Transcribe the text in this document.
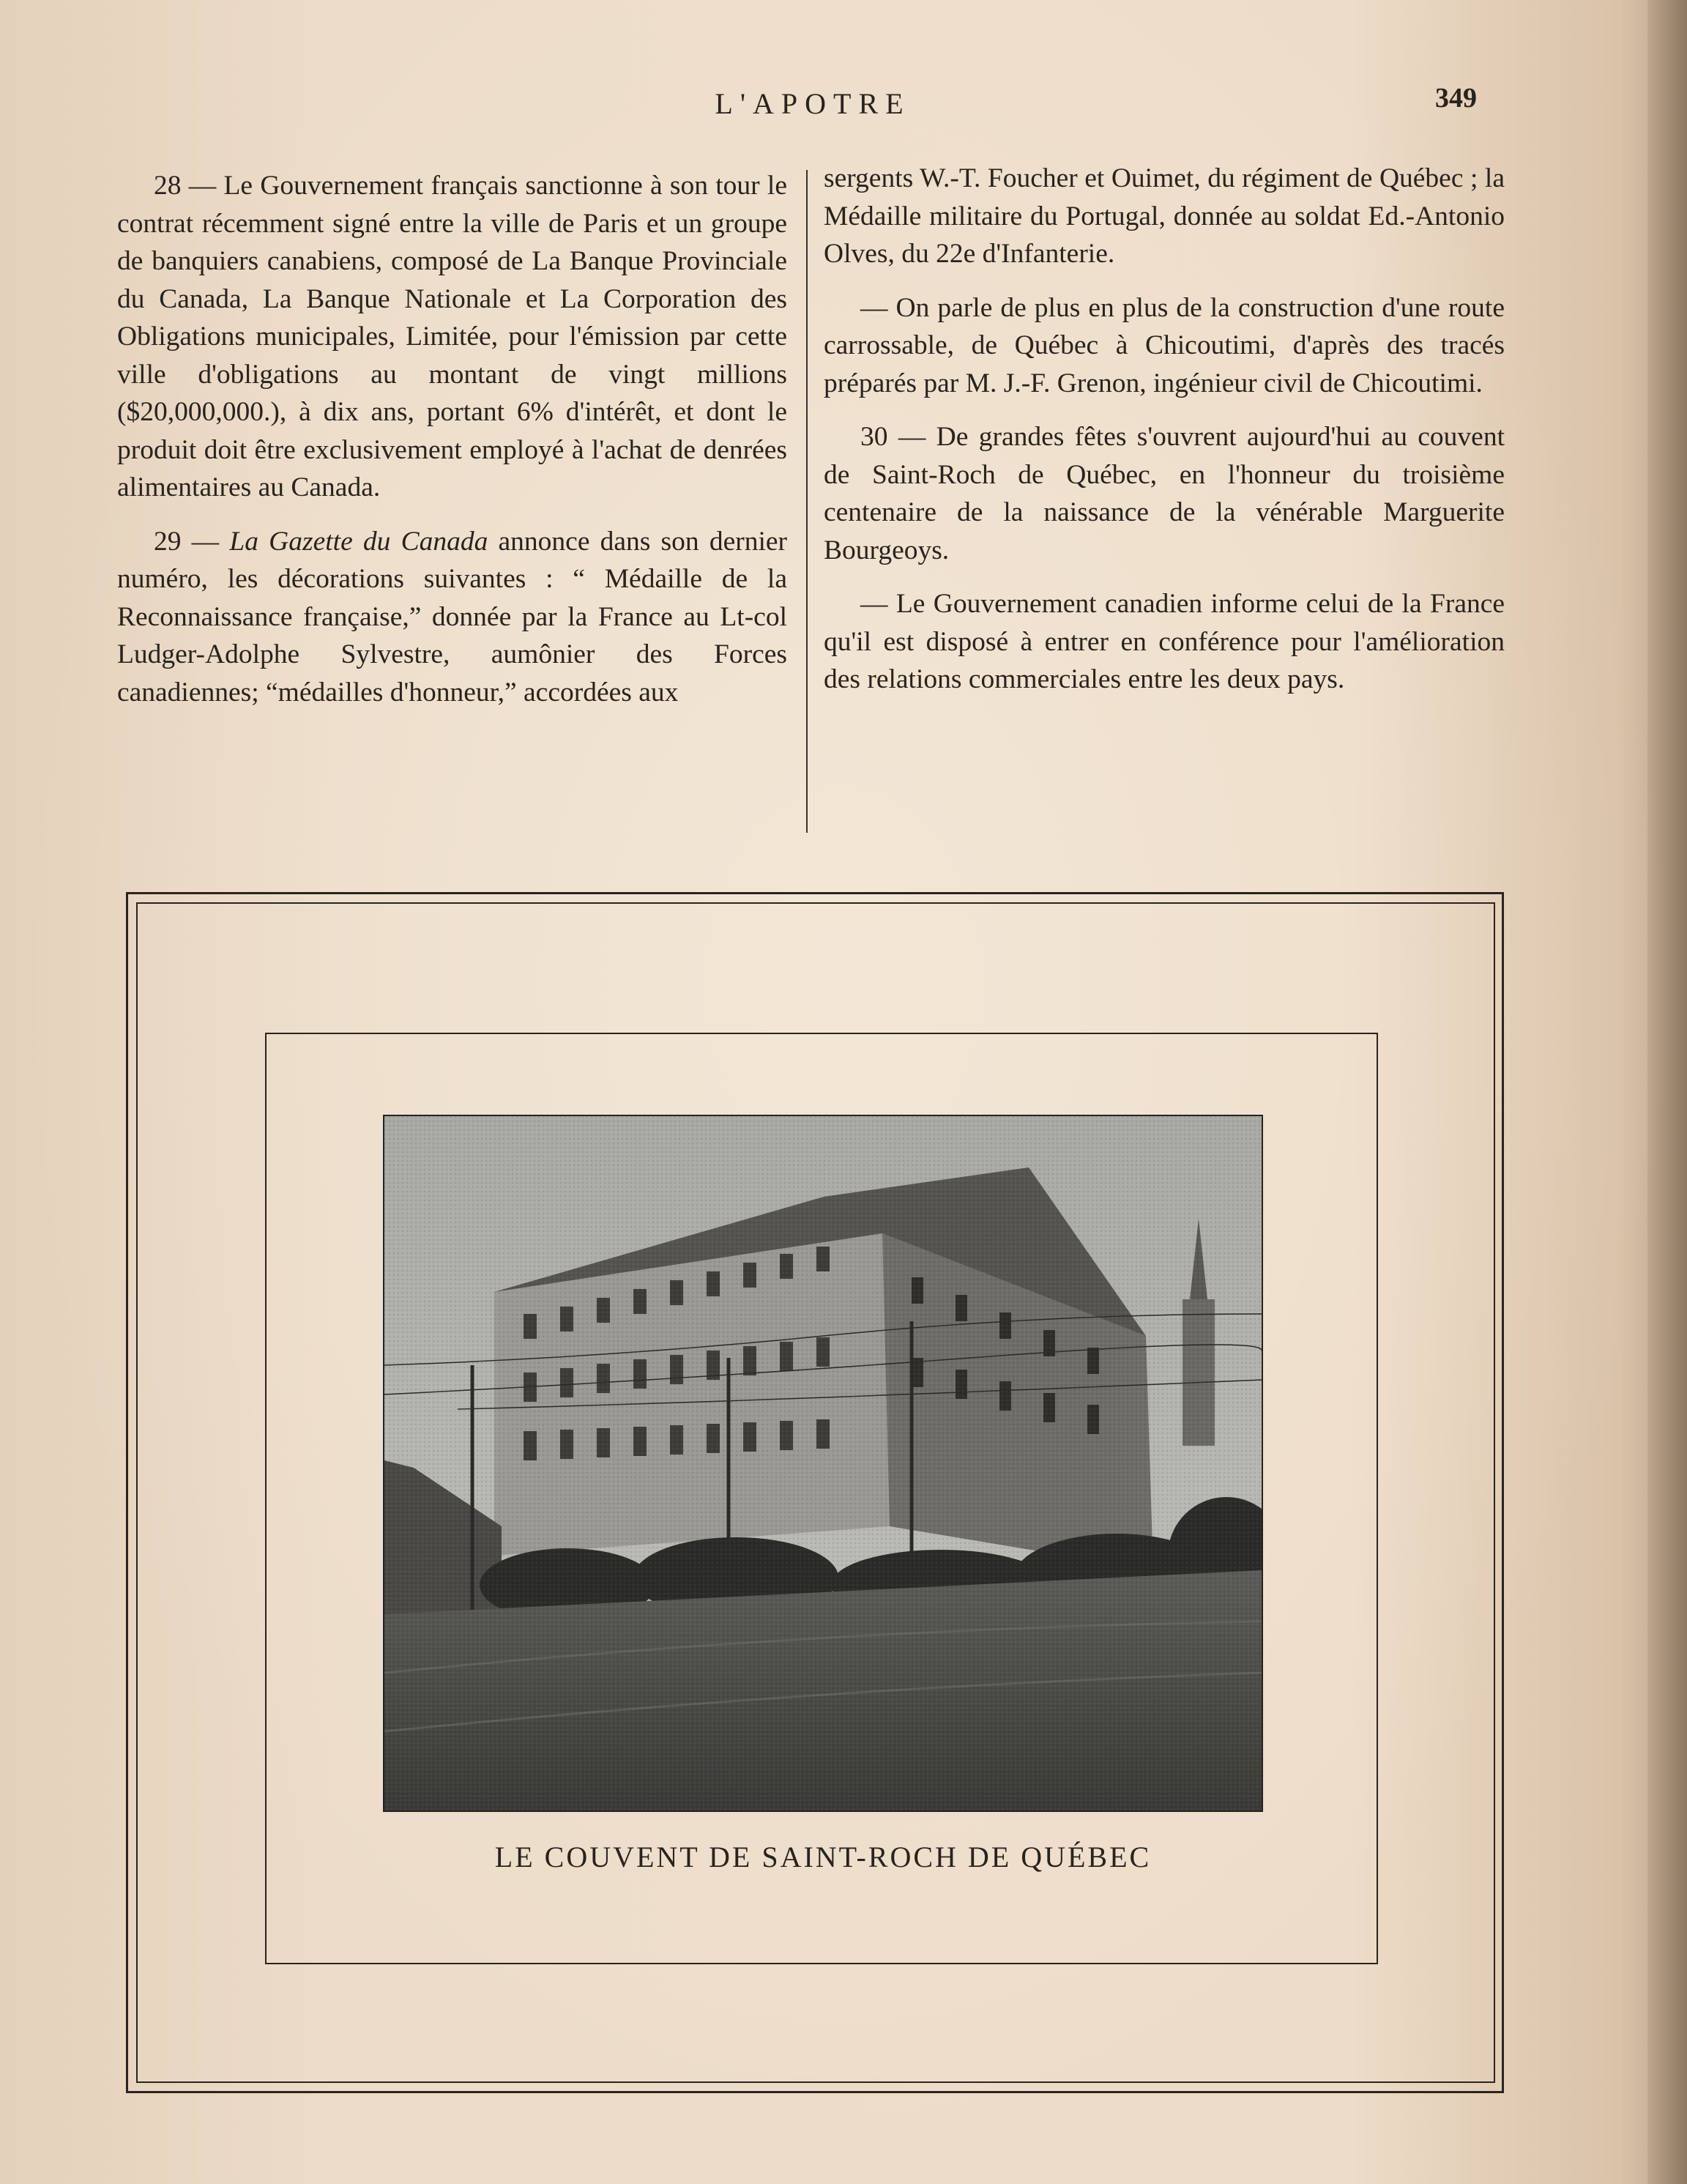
L'APOTRE	349

28 — Le Gouvernement français sanctionne à son tour le contrat récemment signé entre la ville de Paris et un groupe de banquiers canabiens, composé de La Banque Provinciale du Canada, La Banque Nationale et La Corporation des Obligations municipales, Limitée, pour l'émission par cette ville d'obligations au montant de vingt millions ($20,000,000.), à dix ans, portant 6% d'intérêt, et dont le produit doit être exclusivement employé à l'achat de denrées alimentaires au Canada.

29 — La Gazette du Canada annonce dans son dernier numéro, les décorations suivantes : “ Médaille de la Reconnaissance française,” donnée par la France au Lt-col Ludger-Adolphe Sylvestre, aumônier des Forces canadiennes; “médailles d'honneur,” accordées aux

sergents W.-T. Foucher et Ouimet, du régiment de Québec ; la Médaille militaire du Portugal, donnée au soldat Ed.-Antonio Olves, du 22e d'Infanterie.

— On parle de plus en plus de la construction d'une route carrossable, de Québec à Chicoutimi, d'après des tracés préparés par M. J.-F. Grenon, ingénieur civil de Chicoutimi.

30 — De grandes fêtes s'ouvrent aujourd'hui au couvent de Saint-Roch de Québec, en l'honneur du troisième centenaire de la naissance de la vénérable Marguerite Bourgeoys.

— Le Gouvernement canadien informe celui de la France qu'il est disposé à entrer en conférence pour l'amélioration des relations commerciales entre les deux pays.

LE COUVENT DE SAINT-ROCH DE QUÉBEC
